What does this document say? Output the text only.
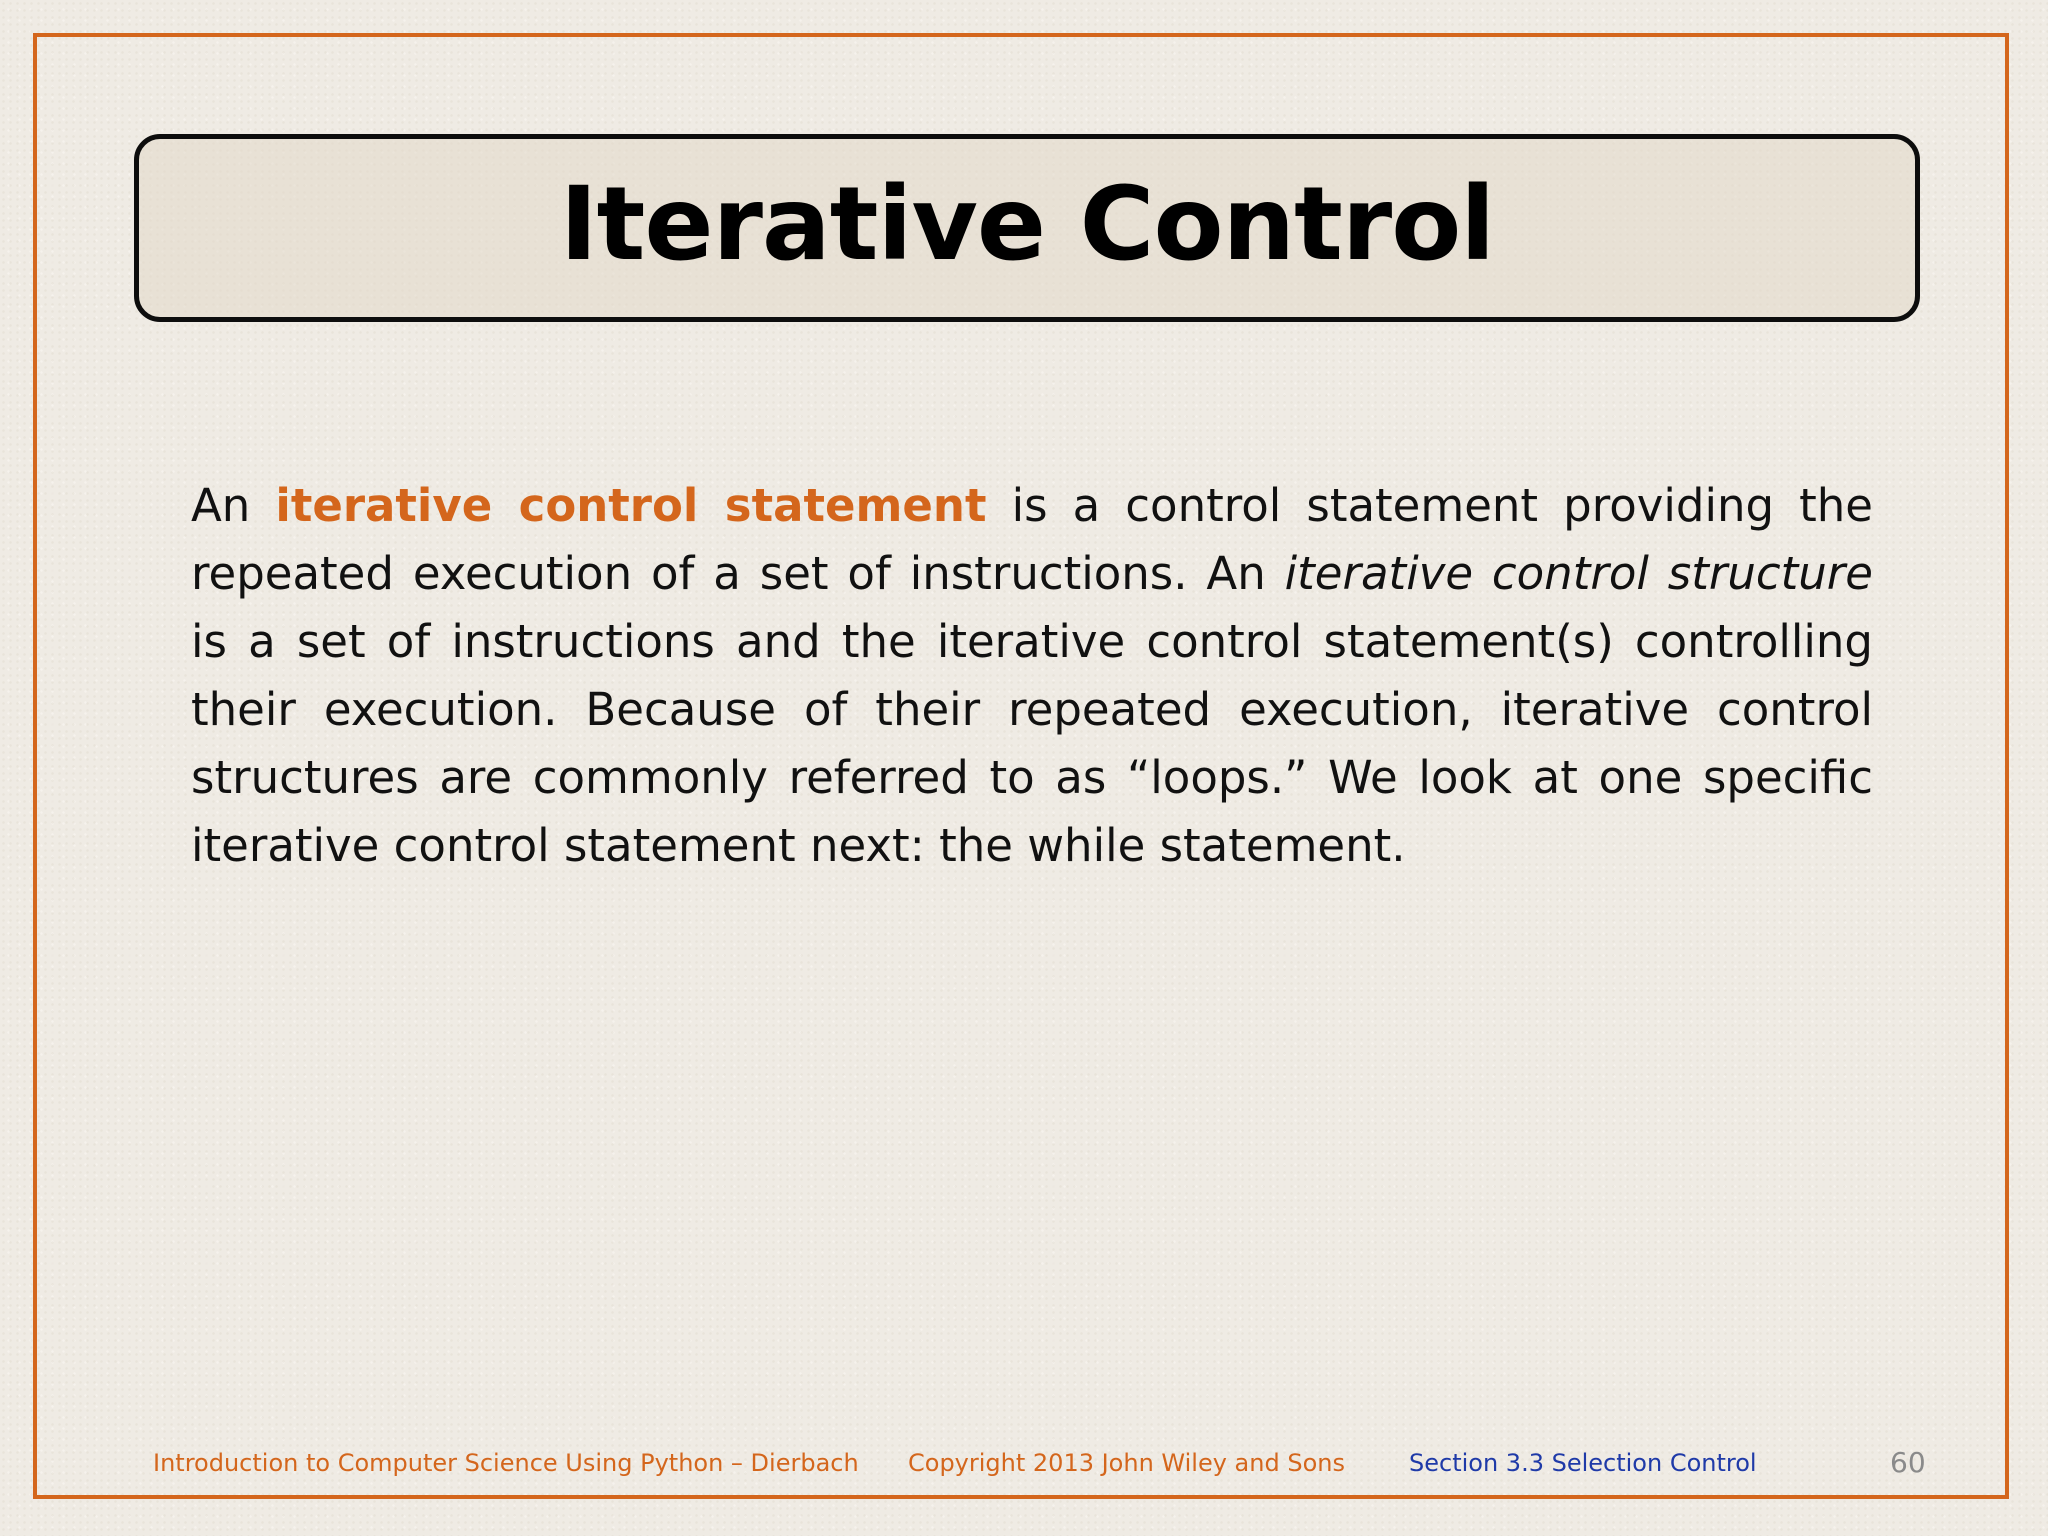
Iterative Control

An iterative control statement is a control statement providing the repeated execution of a set of instructions. An iterative control structure is a set of instructions and the iterative control statement(s) controlling their execution. Because of their repeated execution, iterative control structures are commonly referred to as “loops.” We look at one specific iterative control statement next: the while statement.

Introduction to Computer Science Using Python – Dierbach Copyright 2013 John Wiley and Sons	Section 3.3 Selection Control	60
